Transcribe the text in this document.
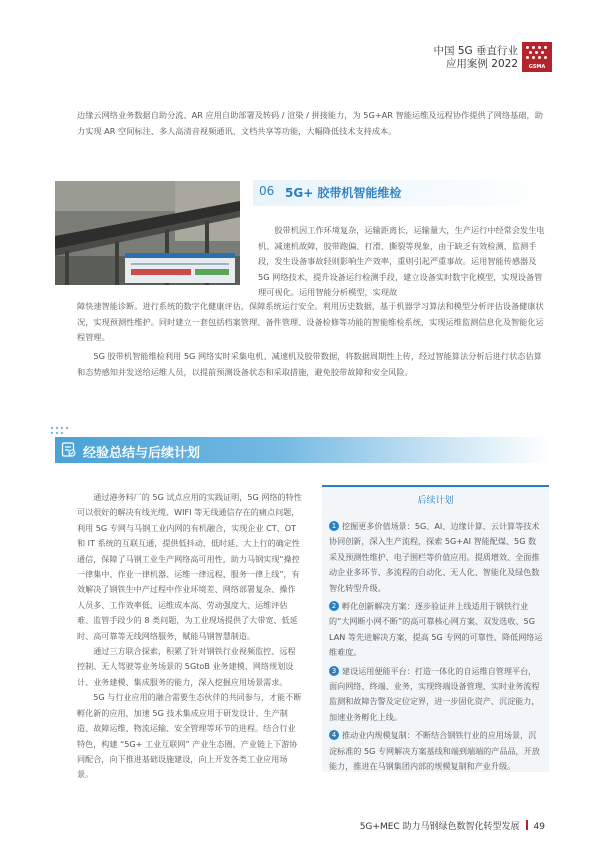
中国 5G 垂直行业
应用案例 2022	GSMA

边缘云网络业务数据自助分流、AR 应用自助部署及转码 / 渲染 / 拼接能力，为 5G+AR 智能运维及远程协作提供了网络基础，助力实现 AR 空间标注、多人高清音视频通讯、文档共享等功能，大幅降低技术支持成本。

06 5G+ 胶带机智能维检

胶带机因工作环境复杂，运输距离长，运输量大，生产运行中经常会发生电机、减速机故障，胶带跑偏、打滑、撕裂等现象，由于缺乏有效检测、监测手段，发生设备事故轻则影响生产效率，重则引起严重事故。运用智能传感器及 5G 网络技术，提升设备运行检测手段，建立设备实时数字化模型，实现设备管理可视化。运用智能分析模型，实现故

障快速智能诊断。进行系统的数字化健康评估，保障系统运行安全。利用历史数据，基于机器学习算法和模型分析评估设备健康状况，实现预测性维护。同时建立一套包括档案管理、备件管理、设备检修等功能的智能维检系统，实现运维监测信息化及智能化运程管理。

5G 胶带机智能维检利用 5G 网络实时采集电机、减速机及胶带数据，将数据周期性上传，经过智能算法分析后进行状态估算和态势感知并发送给运维人员，以提前预测设备状态和采取措施，避免胶带故障和安全风险。

经验总结与后续计划

通过港务料厂的 5G 试点应用的实践证明，5G 网络的特性可以很好的解决有线光缆、WIFI 等无线通信存在的痛点问题，利用 5G 专网与马钢工业内网的有机融合，实现企业 CT、OT 和 IT 系统的互联互通，提供低抖动、低时延、大上行的确定性通信，保障了马钢工业生产网络高可用性，助力马钢实现“操控一律集中、作业一律机器、运维一律远程、服务一律上线”，有效解决了钢铁生中产过程中作业环境差、网络部署复杂、操作人员多、工作效率低、运维成本高、劳动强度大、运维评估难、监管手段少的 8 类问题，为工业现场提供了大带宽、低延时、高可靠等无线网络服务，赋能马钢智慧制造。

通过三方联合探索，积累了针对钢铁行业视频监控、远程控制、无人驾驶等业务场景的 5GtoB 业务建模、网络规划设计、业务建模、集成服务的能力，深入挖掘应用场景需求。

5G 与行业应用的融合需要生态伙伴的共同参与，才能不断孵化新的应用，加速 5G 技术集成应用于研发设计、生产制造、故障运维、物流运输、安全管理等环节的进程。结合行业特色，构建 “5G+ 工业互联网” 产业生态圈，产业链上下游协同配合，向下推进基础设施建设，向上开发各类工业应用场景。

后续计划
1 挖掘更多价值场景：5G、AI、边缘计算、云计算等技术协同创新，深入生产流程，探索 5G+AI 智能配煤、5G 数采及预测性维护、电子围栏等价值应用。提质增效、全面推动企业多环节、多流程的自动化、无人化、智能化及绿色数智化转型升级。
2 孵化创新解决方案：逐步验证并上线适用于钢铁行业的“大网断小网不断”的高可靠核心网方案、双发选收、5G LAN 等先进解决方案，提高 5G 专网的可靠性、降低网络运维难度。
3 建设运用便能平台：打造一体化的自运维自管理平台，面向网络、终端、业务，实现终端设备管理、实时业务流程监测和故障告警及定位定界，进一步固化资产、沉淀能力，加速业务孵化上线。
4 推动业内规模复制：不断结合钢铁行业的应用场景，沉淀标准的 5G 专网解决方案基线和端到端端的产品品，开放能力，推进在马钢集团内部的规模复制和产业升级。
5G+MEC 助力马钢绿色数智化转型发展 49
